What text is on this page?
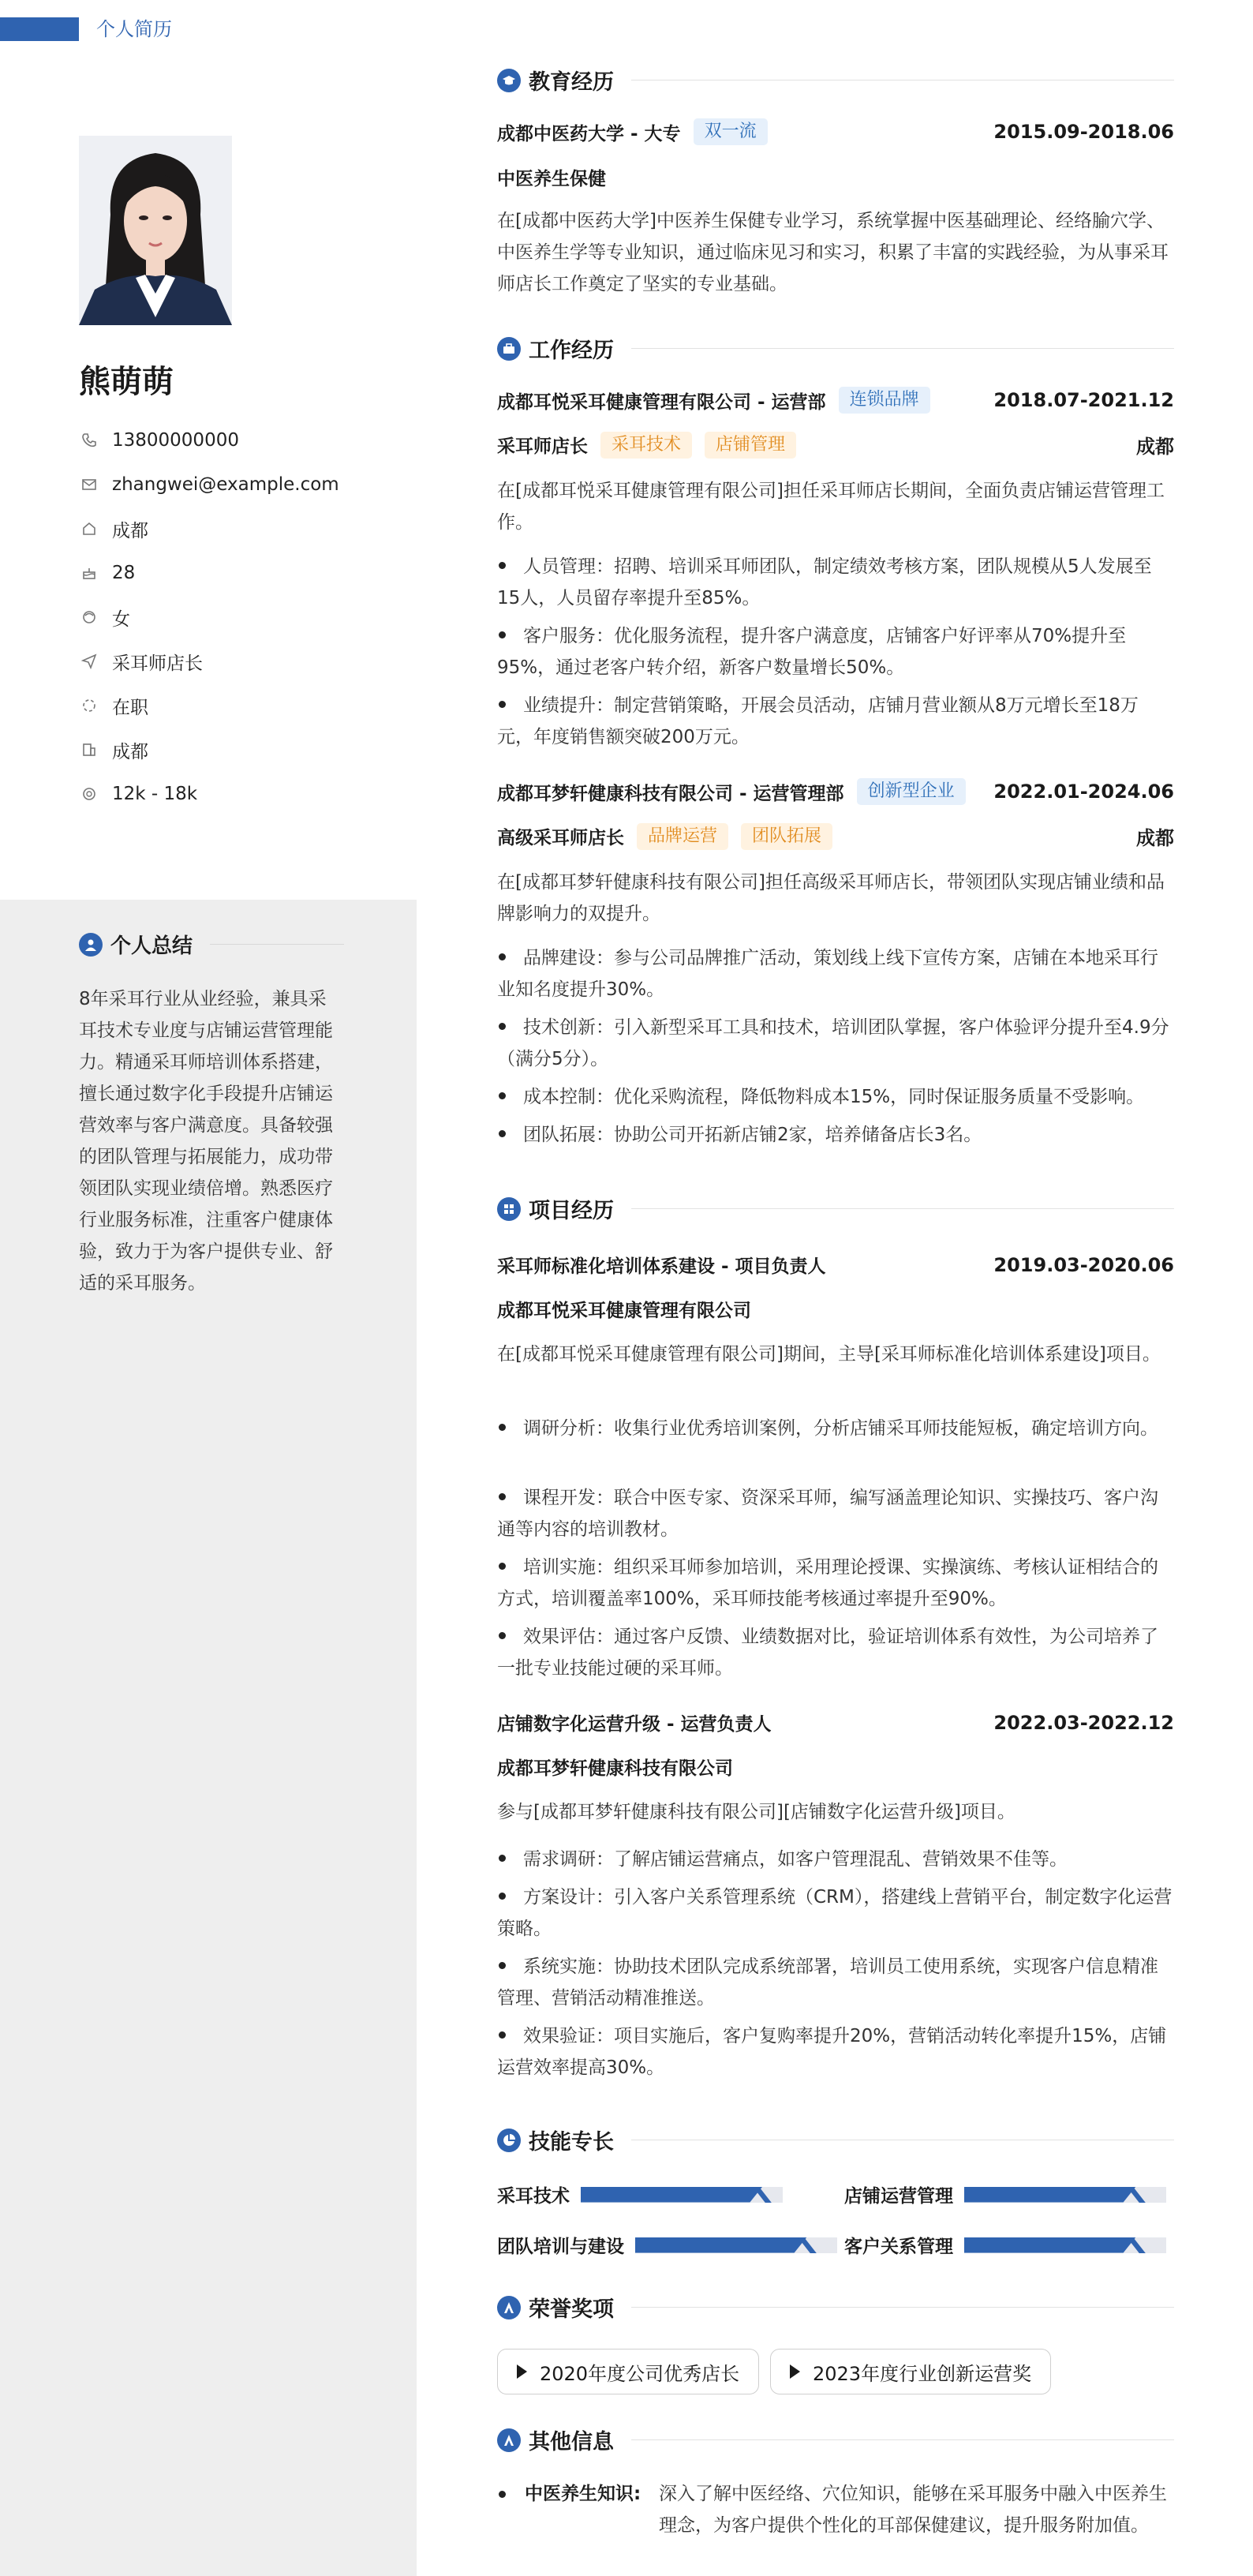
个人简历
熊萌萌
13800000000
zhangwei@example.com
成都
28
女
采耳师店长
在职
成都
12k - 18k
个人总结
8年采耳行业从业经验，兼具采耳技术专业度与店铺运营管理能力。精通采耳师培训体系搭建，擅长通过数字化手段提升店铺运营效率与客户满意度。具备较强的团队管理与拓展能力，成功带领团队实现业绩倍增。熟悉医疗行业服务标准，注重客户健康体验，致力于为客户提供专业、舒适的采耳服务。
教育经历
成都中医药大学 - 大专	双一流	2015.09-2018.06
中医养生保健
在[成都中医药大学]中医养生保健专业学习，系统掌握中医基础理论、经络腧穴学、中医养生学等专业知识，通过临床见习和实习，积累了丰富的实践经验，为从事采耳师店长工作奠定了坚实的专业基础。
工作经历
成都耳悦采耳健康管理有限公司 - 运营部	连锁品牌	2018.07-2021.12
采耳师店长	采耳技术	店铺管理	成都
在[成都耳悦采耳健康管理有限公司]担任采耳师店长期间，全面负责店铺运营管理工作。
人员管理：招聘、培训采耳师团队，制定绩效考核方案，团队规模从5人发展至15人，人员留存率提升至85%。
客户服务：优化服务流程，提升客户满意度，店铺客户好评率从70%提升至95%，通过老客户转介绍，新客户数量增长50%。
业绩提升：制定营销策略，开展会员活动，店铺月营业额从8万元增长至18万元，年度销售额突破200万元。
成都耳梦轩健康科技有限公司 - 运营管理部	创新型企业	2022.01-2024.06
高级采耳师店长	品牌运营	团队拓展	成都
在[成都耳梦轩健康科技有限公司]担任高级采耳师店长，带领团队实现店铺业绩和品牌影响力的双提升。
品牌建设：参与公司品牌推广活动，策划线上线下宣传方案，店铺在本地采耳行业知名度提升30%。
技术创新：引入新型采耳工具和技术，培训团队掌握，客户体验评分提升至4.9分（满分5分）。
成本控制：优化采购流程，降低物料成本15%，同时保证服务质量不受影响。
团队拓展：协助公司开拓新店铺2家，培养储备店长3名。
项目经历
采耳师标准化培训体系建设 - 项目负责人	2019.03-2020.06
成都耳悦采耳健康管理有限公司
在[成都耳悦采耳健康管理有限公司]期间，主导[采耳师标准化培训体系建设]项目。
调研分析：收集行业优秀培训案例，分析店铺采耳师技能短板，确定培训方向。
课程开发：联合中医专家、资深采耳师，编写涵盖理论知识、实操技巧、客户沟通等内容的培训教材。
培训实施：组织采耳师参加培训，采用理论授课、实操演练、考核认证相结合的方式，培训覆盖率100%，采耳师技能考核通过率提升至90%。
效果评估：通过客户反馈、业绩数据对比，验证培训体系有效性，为公司培养了一批专业技能过硬的采耳师。
店铺数字化运营升级 - 运营负责人	2022.03-2022.12
成都耳梦轩健康科技有限公司
参与[成都耳梦轩健康科技有限公司][店铺数字化运营升级]项目。
需求调研：了解店铺运营痛点，如客户管理混乱、营销效果不佳等。
方案设计：引入客户关系管理系统（CRM），搭建线上营销平台，制定数字化运营策略。
系统实施：协助技术团队完成系统部署，培训员工使用系统，实现客户信息精准管理、营销活动精准推送。
效果验证：项目实施后，客户复购率提升20%，营销活动转化率提升15%，店铺运营效率提高30%。
技能专长
采耳技术	店铺运营管理
团队培训与建设	客户关系管理
荣誉奖项
2020年度公司优秀店长	2023年度行业创新运营奖
其他信息
中医养生知识: 深入了解中医经络、穴位知识，能够在采耳服务中融入中医养生理念，为客户提供个性化的耳部保健建议，提升服务附加值。
